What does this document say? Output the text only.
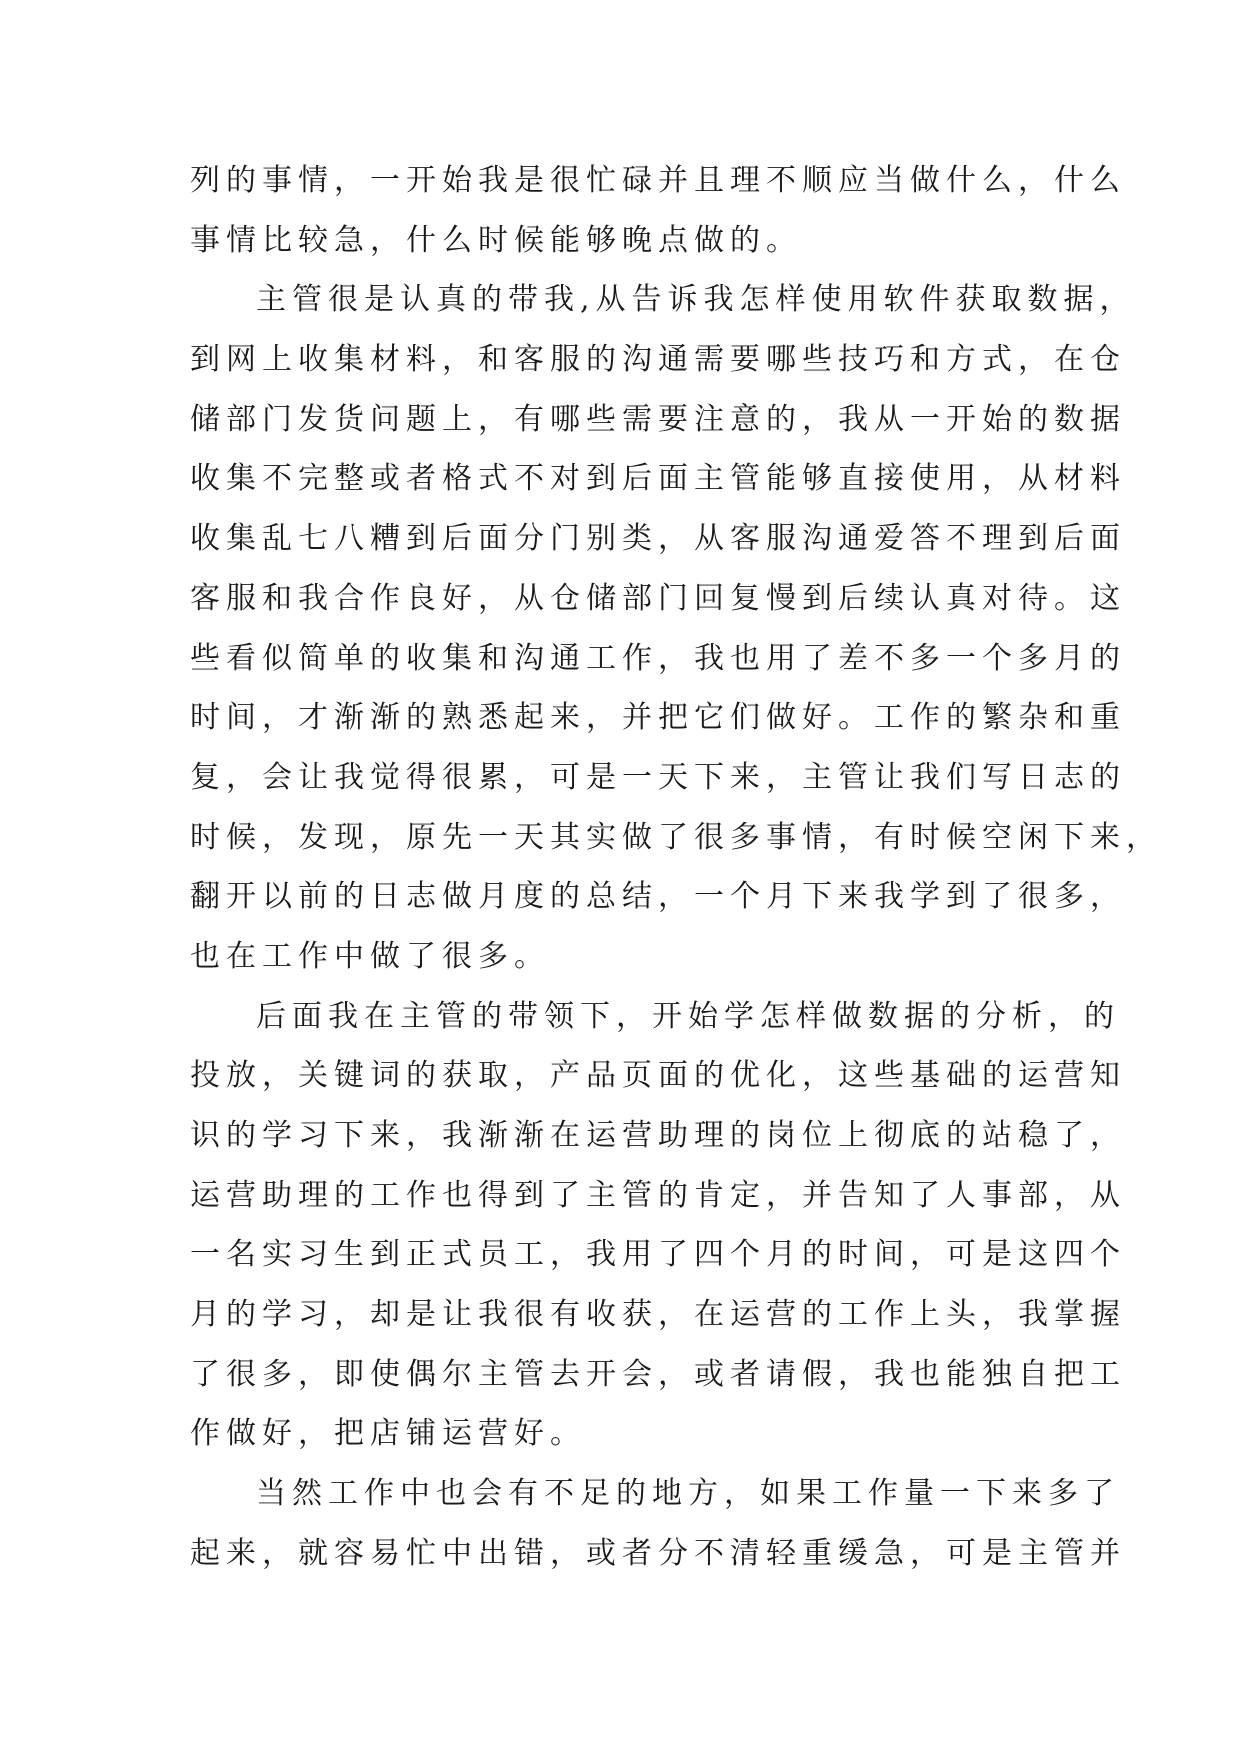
列的事情，一开始我是很忙碌并且理不顺应当做什么，什么
事情比较急，什么时候能够晚点做的。
主管很是认真的带我,从告诉我怎样使用软件获取数据，
到网上收集材料，和客服的沟通需要哪些技巧和方式，在仓
储部门发货问题上，有哪些需要注意的，我从一开始的数据
收集不完整或者格式不对到后面主管能够直接使用，从材料
收集乱七八糟到后面分门别类，从客服沟通爱答不理到后面
客服和我合作良好，从仓储部门回复慢到后续认真对待。这
些看似简单的收集和沟通工作，我也用了差不多一个多月的
时间，才渐渐的熟悉起来，并把它们做好。工作的繁杂和重
复，会让我觉得很累，可是一天下来，主管让我们写日志的
时候，发现，原先一天其实做了很多事情，有时候空闲下来，
翻开以前的日志做月度的总结，一个月下来我学到了很多，
也在工作中做了很多。
后面我在主管的带领下，开始学怎样做数据的分析，的
投放，关键词的获取，产品页面的优化，这些基础的运营知
识的学习下来，我渐渐在运营助理的岗位上彻底的站稳了，
运营助理的工作也得到了主管的肯定，并告知了人事部，从
一名实习生到正式员工，我用了四个月的时间，可是这四个
月的学习，却是让我很有收获，在运营的工作上头，我掌握
了很多，即使偶尔主管去开会，或者请假，我也能独自把工
作做好，把店铺运营好。
当然工作中也会有不足的地方，如果工作量一下来多了
起来，就容易忙中出错，或者分不清轻重缓急，可是主管并
